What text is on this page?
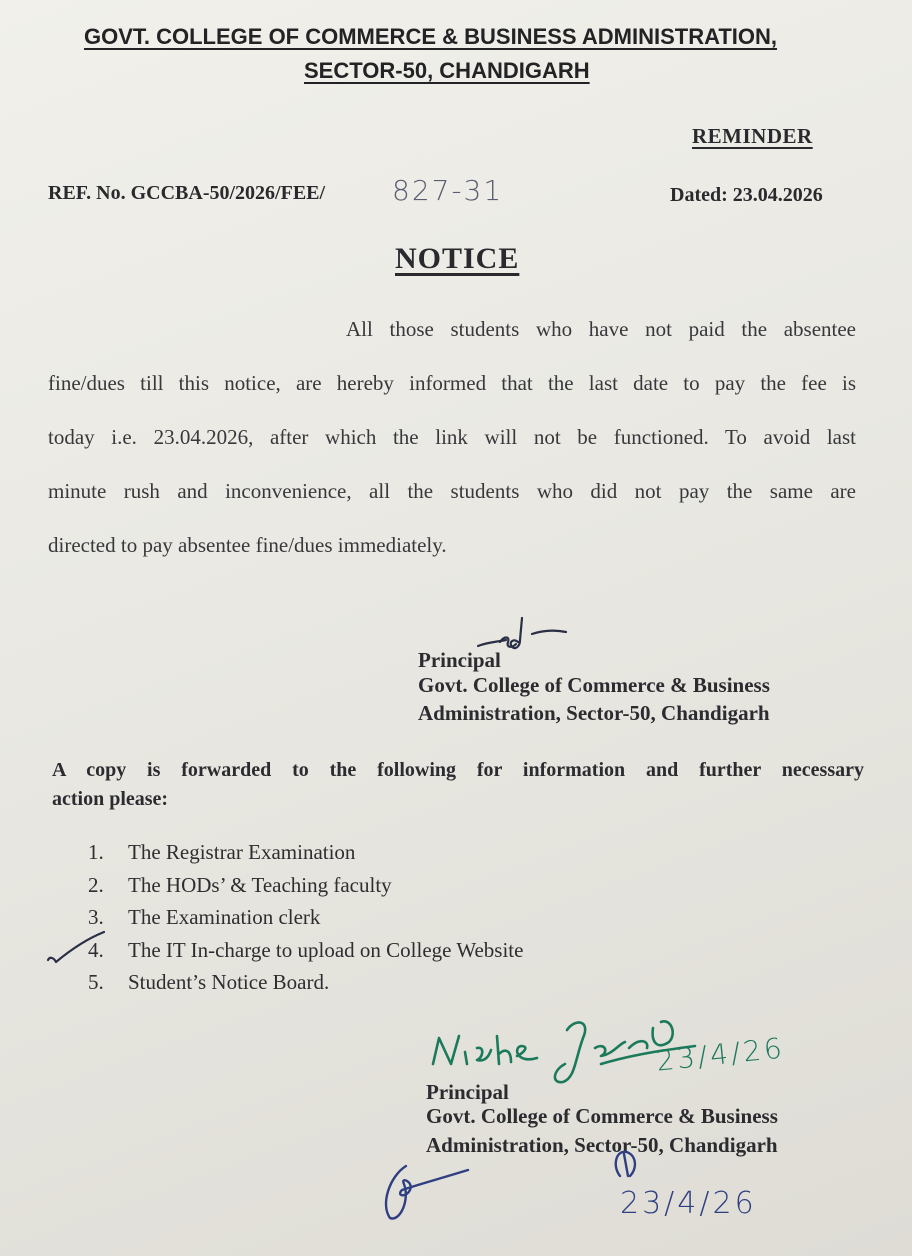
GOVT. COLLEGE OF COMMERCE & BUSINESS ADMINISTRATION,
SECTOR-50, CHANDIGARH
REMINDER
REF. No. GCCBA-50/2026/FEE/ 827-31	Dated: 23.04.2026
NOTICE
All those students who have not paid the absentee
fine/dues till this notice, are hereby informed that the last date to pay the fee is
today i.e. 23.04.2026, after which the link will not be functioned. To avoid last
minute rush and inconvenience, all the students who did not pay the same are
directed to pay absentee fine/dues immediately.
Principal
Govt. College of Commerce & Business
Administration, Sector-50, Chandigarh
A copy is forwarded to the following for information and further necessary
action please:
1. The Registrar Examination
2. The HODs’ & Teaching faculty
3. The Examination clerk
4. The IT In-charge to upload on College Website
5. Student’s Notice Board.
23/4/26
Principal
Govt. College of Commerce & Business
Administration, Sector-50, Chandigarh
23/4/26
